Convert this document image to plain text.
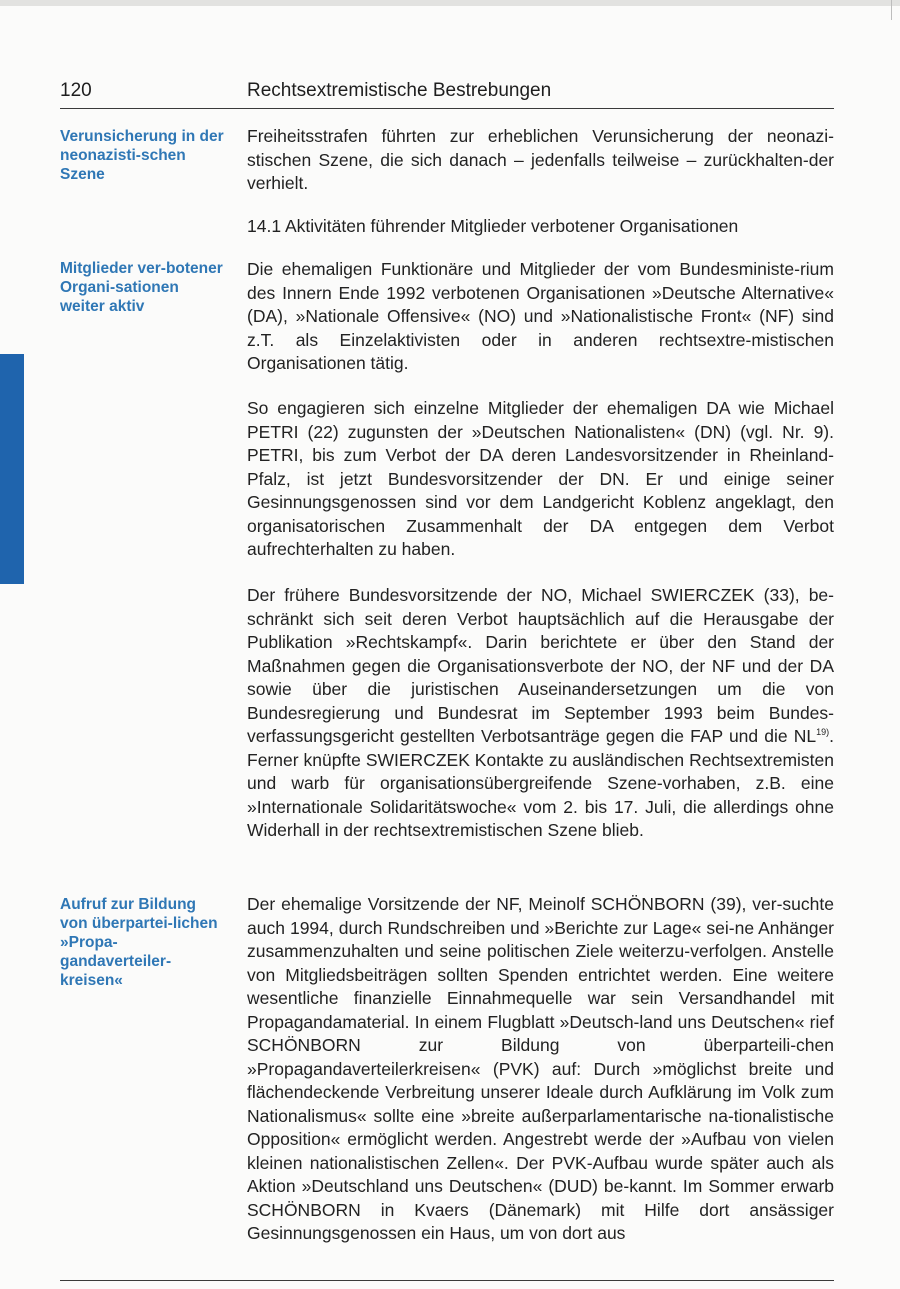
120	Rechtsextremistische Bestrebungen
Verunsicherung in der neonazisti-schen Szene
Mitglieder ver-botener Organi-sationen weiter aktiv
Aufruf zur Bildung von überpartei-lichen »Propa-gandaverteiler-kreisen«
Freiheitsstrafen führten zur erheblichen Verunsicherung der neonazi-stischen Szene, die sich danach – jedenfalls teilweise – zurückhalten-der verhielt.
14.1 Aktivitäten führender Mitglieder verbotener Organisationen
Die ehemaligen Funktionäre und Mitglieder der vom Bundesministe-rium des Innern Ende 1992 verbotenen Organisationen »Deutsche Alternative« (DA), »Nationale Offensive« (NO) und »Nationalistische Front« (NF) sind z.T. als Einzelaktivisten oder in anderen rechtsextre-mistischen Organisationen tätig.
So engagieren sich einzelne Mitglieder der ehemaligen DA wie Michael PETRI (22) zugunsten der »Deutschen Nationalisten« (DN) (vgl. Nr. 9). PETRI, bis zum Verbot der DA deren Landesvorsitzender in Rheinland-Pfalz, ist jetzt Bundesvorsitzender der DN. Er und einige seiner Gesinnungsgenossen sind vor dem Landgericht Koblenz angeklagt, den organisatorischen Zusammenhalt der DA entgegen dem Verbot aufrechterhalten zu haben.
Der frühere Bundesvorsitzende der NO, Michael SWIERCZEK (33), be-schränkt sich seit deren Verbot hauptsächlich auf die Herausgabe der Publikation »Rechtskampf«. Darin berichtete er über den Stand der Maßnahmen gegen die Organisationsverbote der NO, der NF und der DA sowie über die juristischen Auseinandersetzungen um die von Bundesregierung und Bundesrat im September 1993 beim Bundes-verfassungsgericht gestellten Verbotsanträge gegen die FAP und die NL$^{19)}$. Ferner knüpfte SWIERCZEK Kontakte zu ausländischen Rechtsextremisten und warb für organisationsübergreifende Szene-vorhaben, z.B. eine »Internationale Solidaritätswoche« vom 2. bis 17. Juli, die allerdings ohne Widerhall in der rechtsextremistischen Szene blieb.
Der ehemalige Vorsitzende der NF, Meinolf SCHÖNBORN (39), ver-suchte auch 1994, durch Rundschreiben und »Berichte zur Lage« sei-ne Anhänger zusammenzuhalten und seine politischen Ziele weiterzu-verfolgen. Anstelle von Mitgliedsbeiträgen sollten Spenden entrichtet werden. Eine weitere wesentliche finanzielle Einnahmequelle war sein Versandhandel mit Propagandamaterial. In einem Flugblatt »Deutsch-land uns Deutschen« rief SCHÖNBORN zur Bildung von überparteili-chen »Propagandaverteilerkreisen« (PVK) auf: Durch »möglichst breite und flächendeckende Verbreitung unserer Ideale durch Aufklärung im Volk zum Nationalismus« sollte eine »breite außerparlamentarische na-tionalistische Opposition« ermöglicht werden. Angestrebt werde der »Aufbau von vielen kleinen nationalistischen Zellen«. Der PVK-Aufbau wurde später auch als Aktion »Deutschland uns Deutschen« (DUD) be-kannt. Im Sommer erwarb SCHÖNBORN in Kvaers (Dänemark) mit Hilfe dort ansässiger Gesinnungsgenossen ein Haus, um von dort aus
